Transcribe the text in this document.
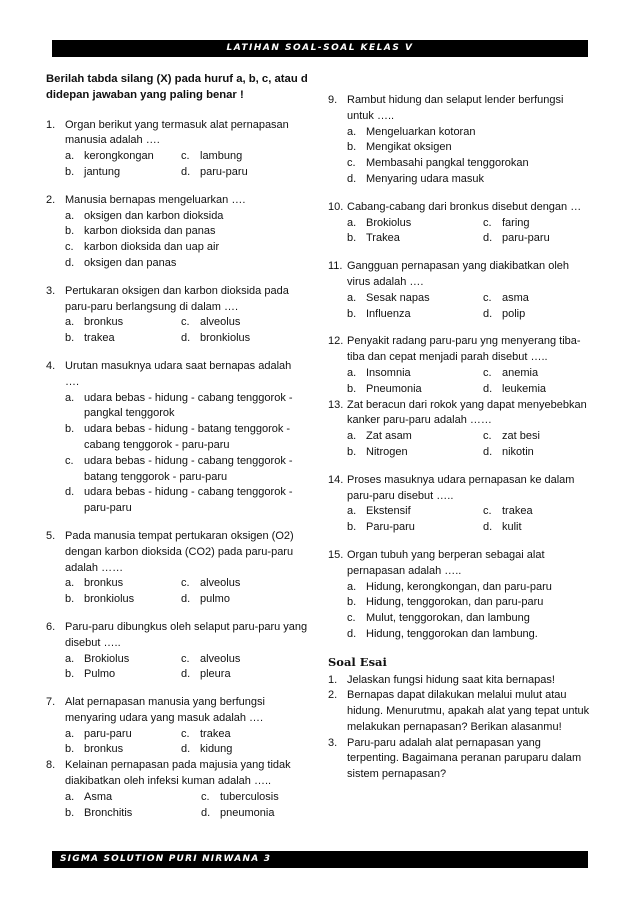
LATIHAN SOAL-SOAL KELAS V
Berilah tabda silang (X) pada huruf a, b, c, atau d
didepan jawaban yang paling benar !
1. Organ berikut yang termasuk alat pernapasan manusia adalah ….
a. kerongkongan	c. lambung
b. jantung	d. paru-paru
2. Manusia bernapas mengeluarkan ….
a. oksigen dan karbon dioksida
b. karbon dioksida dan panas
c. karbon dioksida dan uap air
d. oksigen dan panas
3. Pertukaran oksigen dan karbon dioksida pada paru-paru berlangsung di dalam ….
a. bronkus	c. alveolus
b. trakea	d. bronkiolus
4. Urutan masuknya udara saat bernapas adalah ….
a. udara bebas - hidung - cabang tenggorok - pangkal tenggorok
b. udara bebas - hidung - batang tenggorok - cabang tenggorok - paru-paru
c. udara bebas - hidung - cabang tenggorok - batang tenggorok - paru-paru
d. udara bebas - hidung - cabang tenggorok - paru-paru
5. Pada manusia tempat pertukaran oksigen (O2) dengan karbon dioksida (CO2) pada paru-paru adalah ……
a. bronkus	c. alveolus
b. bronkiolus	d. pulmo
6. Paru-paru dibungkus oleh selaput paru-paru yang disebut …..
a. Brokiolus	c. alveolus
b. Pulmo	d. pleura
7. Alat pernapasan manusia yang berfungsi menyaring udara yang masuk adalah ….
a. paru-paru	c. trakea
b. bronkus	d. kidung
8. Kelainan pernapasan pada majusia yang tidak diakibatkan oleh infeksi kuman adalah …..
a. Asma	c. tuberculosis
b. Bronchitis	d. pneumonia
9. Rambut hidung dan selaput lender berfungsi untuk …..
a. Mengeluarkan kotoran
b. Mengikat oksigen
c. Membasahi pangkal tenggorokan
d. Menyaring udara masuk
10. Cabang-cabang dari bronkus disebut dengan …
a. Brokiolus	c. faring
b. Trakea	d. paru-paru
11. Gangguan pernapasan yang diakibatkan oleh virus adalah ….
a. Sesak napas	c. asma
b. Influenza	d. polip
12. Penyakit radang paru-paru yng menyerang tiba-tiba dan cepat menjadi parah disebut …..
a. Insomnia	c. anemia
b. Pneumonia	d. leukemia
13. Zat beracun dari rokok yang dapat menyebebkan kanker paru-paru adalah ……
a. Zat asam	c. zat besi
b. Nitrogen	d. nikotin
14. Proses masuknya udara pernapasan ke dalam paru-paru disebut …..
a. Ekstensif	c. trakea
b. Paru-paru	d. kulit
15. Organ tubuh yang berperan sebagai alat pernapasan adalah …..
a. Hidung, kerongkongan, dan paru-paru
b. Hidung, tenggorokan, dan paru-paru
c. Mulut, tenggorokan, dan lambung
d. Hidung, tenggorokan dan lambung.
Soal Esai
1. Jelaskan fungsi hidung saat kita bernapas!
2. Bernapas dapat dilakukan melalui mulut atau hidung. Menurutmu, apakah alat yang tepat untuk melakukan pernapasan? Berikan alasanmu!
3. Paru-paru adalah alat pernapasan yang terpenting. Bagaimana peranan paruparu dalam sistem pernapasan?
SIGMA SOLUTION PURI NIRWANA 3
